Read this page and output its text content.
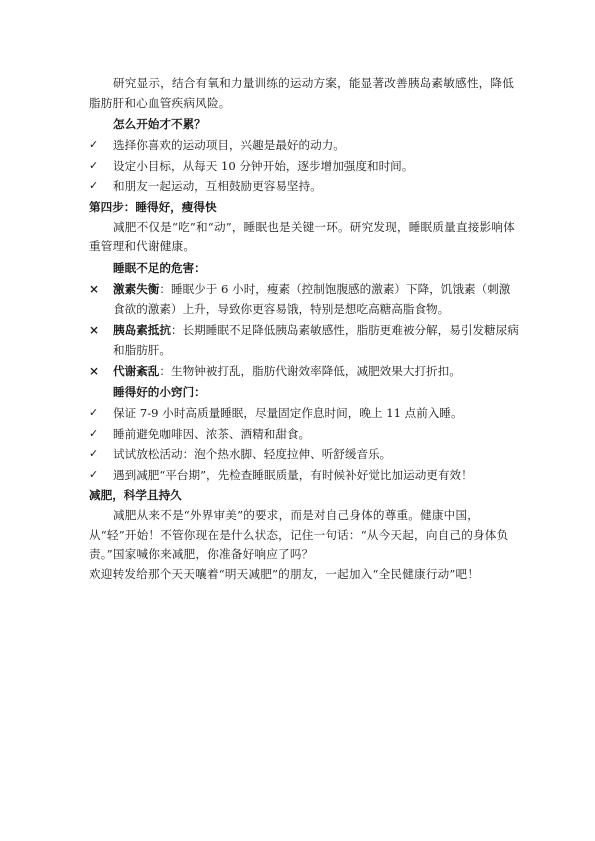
研究显示，结合有氧和力量训练的运动方案，能显著改善胰岛素敏感性，降低脂肪肝和心血管疾病风险。

怎么开始才不累？

✓	选择你喜欢的运动项目，兴趣是最好的动力。
✓	设定小目标，从每天 10 分钟开始，逐步增加强度和时间。
✓	和朋友一起运动，互相鼓励更容易坚持。

第四步：睡得好，瘦得快

减肥不仅是“吃”和“动”，睡眠也是关键一环。研究发现，睡眠质量直接影响体重管理和代谢健康。

睡眠不足的危害：

×	激素失衡：睡眠少于 6 小时，瘦素（控制饱腹感的激素）下降，饥饿素（刺激食欲的激素）上升，导致你更容易饿，特别是想吃高糖高脂食物。
×	胰岛素抵抗：长期睡眠不足降低胰岛素敏感性，脂肪更难被分解，易引发糖尿病和脂肪肝。
×	代谢紊乱：生物钟被打乱，脂肪代谢效率降低，减肥效果大打折扣。

睡得好的小窍门：

✓	保证 7-9 小时高质量睡眠，尽量固定作息时间，晚上 11 点前入睡。
✓	睡前避免咖啡因、浓茶、酒精和甜食。
✓	试试放松活动：泡个热水脚、轻度拉伸、听舒缓音乐。
✓	遇到减肥“平台期”，先检查睡眠质量，有时候补好觉比加运动更有效！

减肥，科学且持久

减肥从来不是“外界审美”的要求，而是对自己身体的尊重。健康中国，从“轻”开始！不管你现在是什么状态，记住一句话：“从今天起，向自己的身体负责。”国家喊你来减肥，你准备好响应了吗？

欢迎转发给那个天天嚷着“明天减肥”的朋友，一起加入“全民健康行动”吧！
